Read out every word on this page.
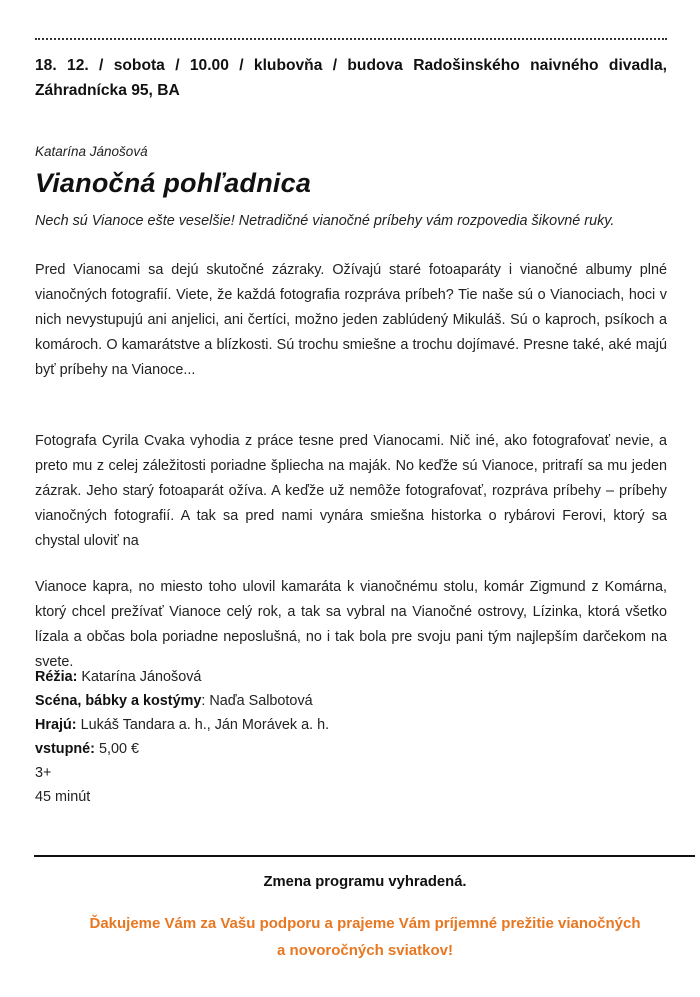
18. 12. / sobota / 10.00 / klubovňa / budova Radošinského naivného divadla, Záhradnícka 95, BA
Katarína Jánošová
Vianočná pohľadnica
Nech sú Vianoce ešte veselšie! Netradičné vianočné príbehy vám rozpovedia šikovné ruky.

Pred Vianocami sa dejú skutočné zázraky. Ožívajú staré fotoaparáty i vianočné albumy plné vianočných fotografií. Viete, že každá fotografia rozpráva príbeh? Tie naše sú o Vianociach, hoci v nich nevystupujú ani anjelici, ani čertíci, možno jeden zablúdený Mikuláš. Sú o kaproch, psíkoch a komároch. O kamarátstve a blízkosti. Sú trochu smiešne a trochu dojímavé. Presne také, aké majú byť príbehy na Vianoce...

Fotografa Cyrila Cvaka vyhodia z práce tesne pred Vianocami. Nič iné, ako fotografovať nevie, a preto mu z celej záležitosti poriadne špliecha na maják. No keďže sú Vianoce, pritrafí sa mu jeden zázrak. Jeho starý fotoaparát ožíva. A keďže už nemôže fotografovať, rozpráva príbehy – príbehy vianočných fotografií. A tak sa pred nami vynára smiešna historka o rybárovi Ferovi, ktorý sa chystal uloviť na

Vianoce kapra, no miesto toho ulovil kamaráta k vianočnému stolu, komár Zigmund z Komárna, ktorý chcel prežívať Vianoce celý rok, a tak sa vybral na Vianočné ostrovy, Lízinka, ktorá všetko lízala a občas bola poriadne neposlušná, no i tak bola pre svoju pani tým najlepším darčekom na svete.

Réžia: Katarína Jánošová
Scéna, bábky a kostýmy: Naďa Salbotová
Hrajú: Lukáš Tandara a. h., Ján Morávek a. h.
vstupné: 5,00 €
3+
45 minút
Zmena programu vyhradená.
Ďakujeme Vám za Vašu podporu a prajeme Vám príjemné prežitie vianočných
a novoročných sviatkov!
